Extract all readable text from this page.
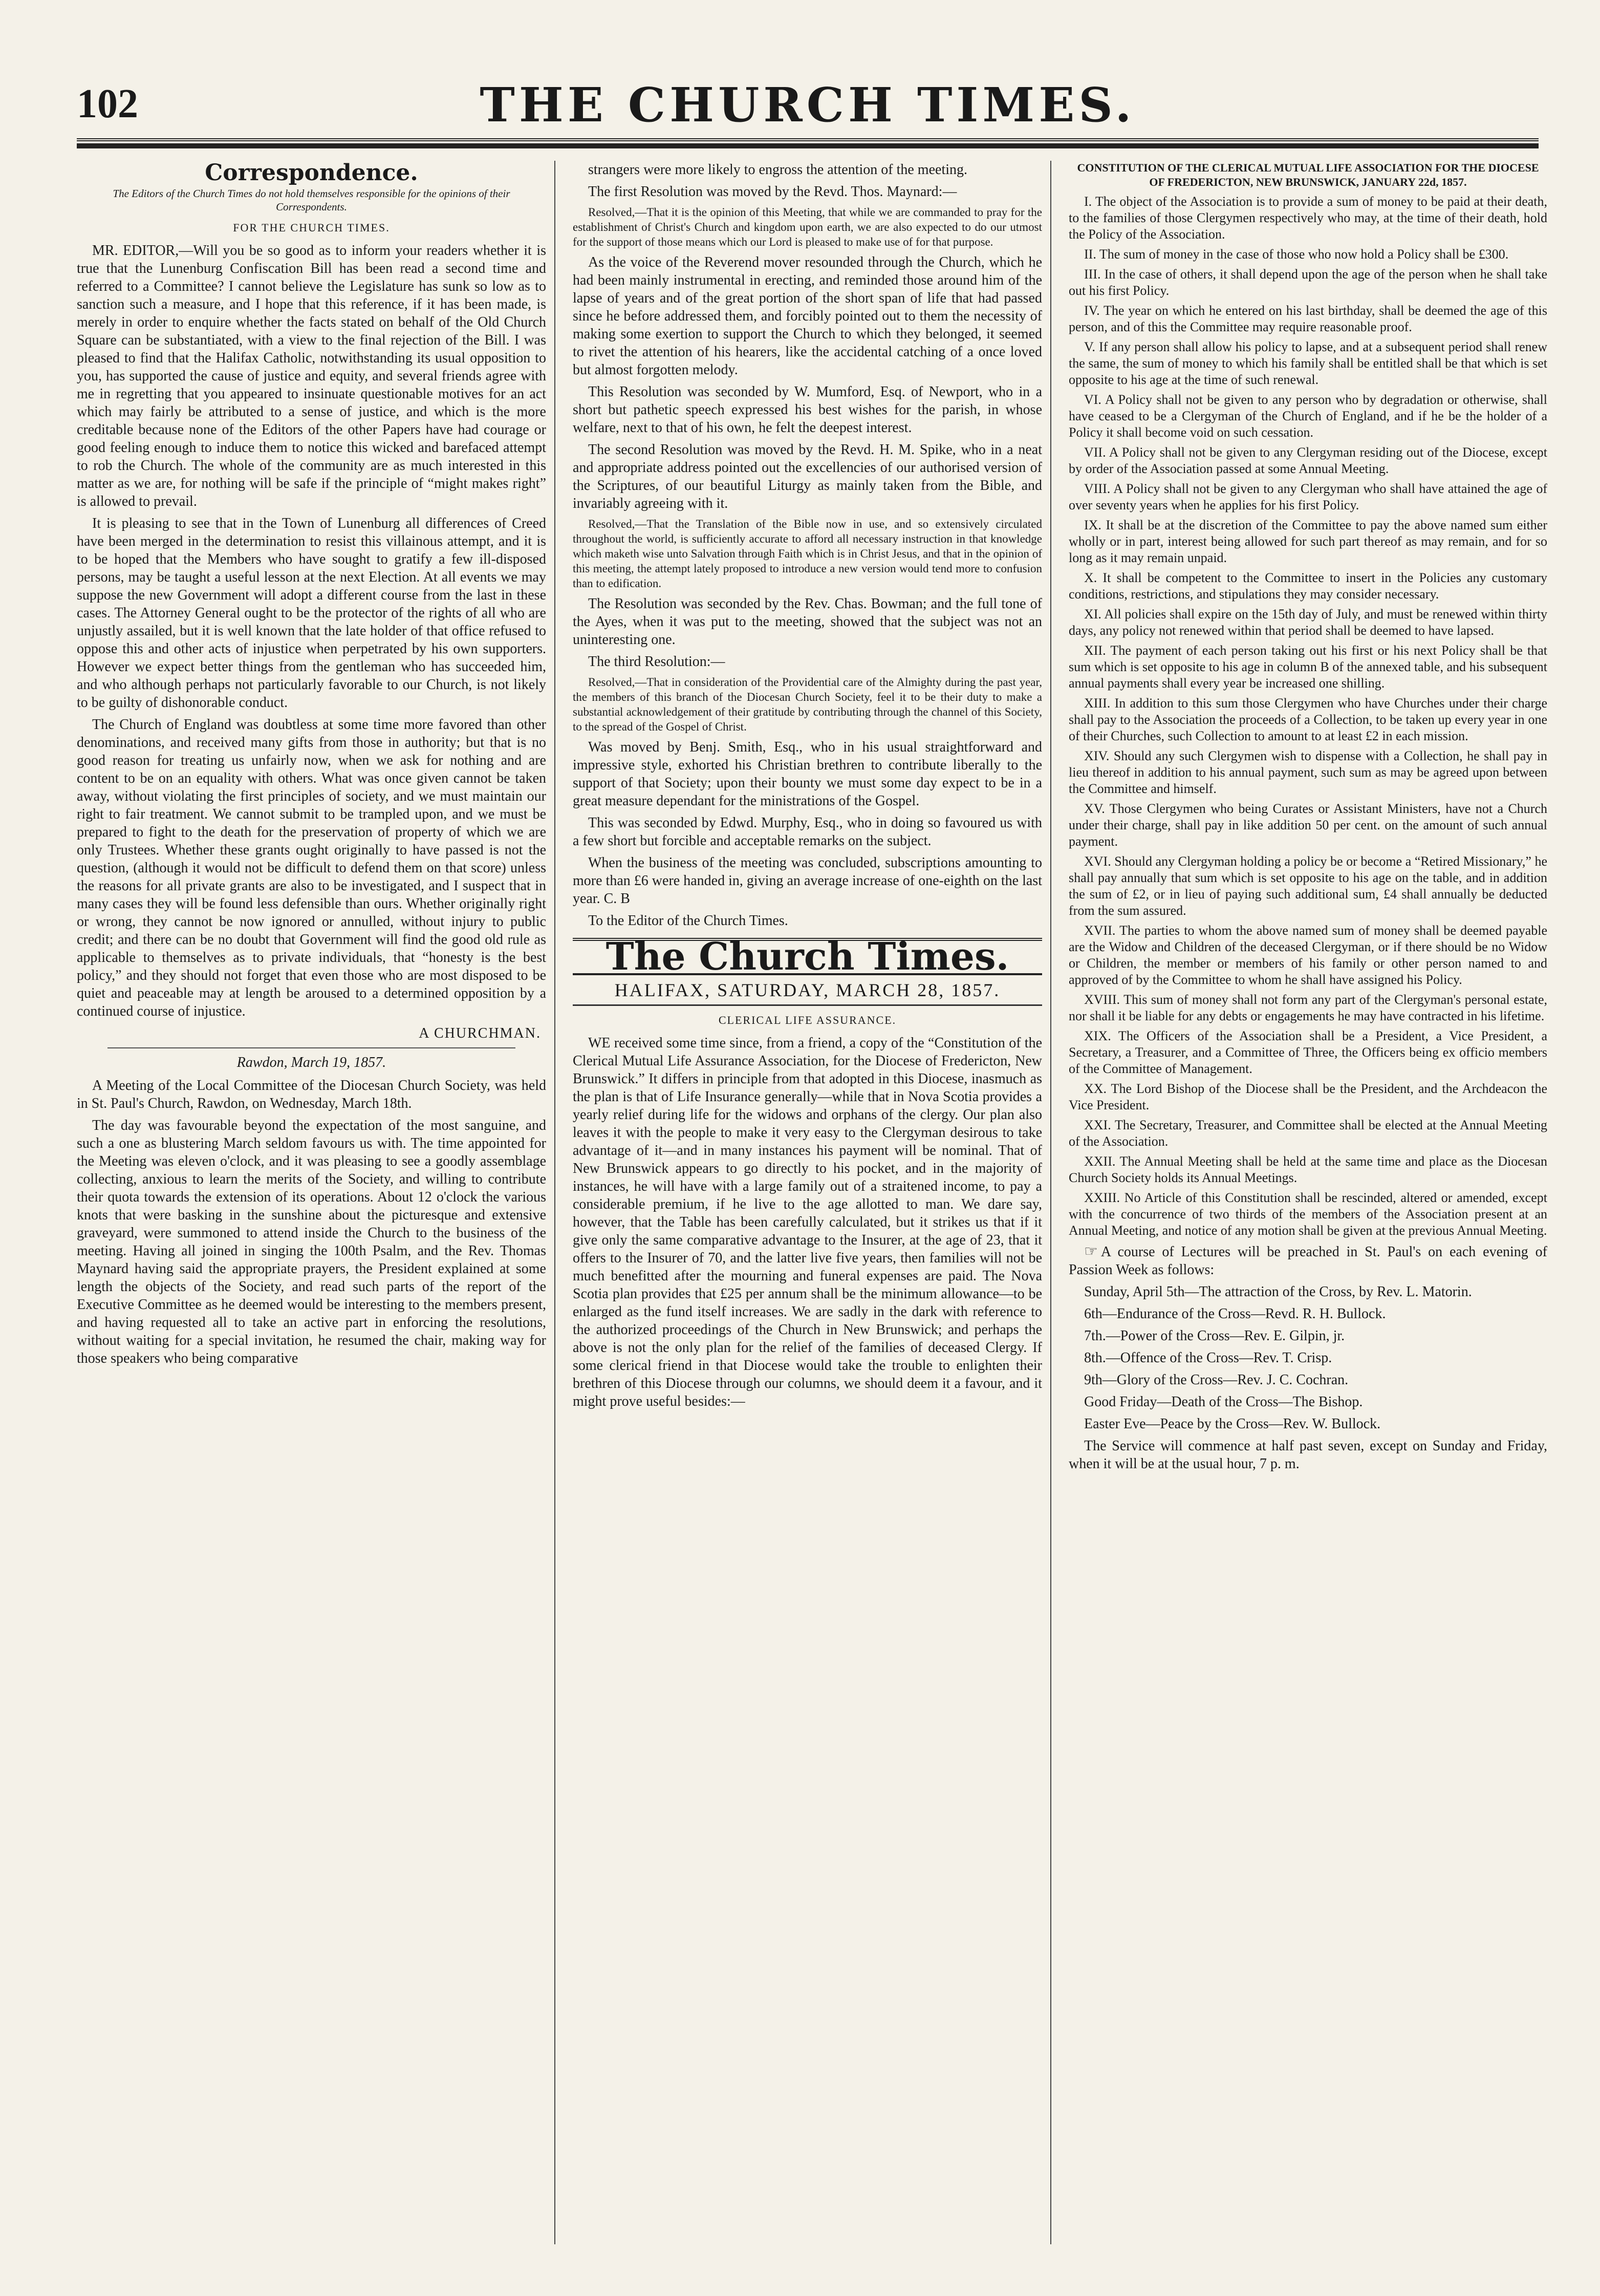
102	THE CHURCH TIMES.
Correspondence.
The Editors of the Church Times do not hold themselves responsible for the opinions of their Correspondents.
FOR THE CHURCH TIMES.

MR. EDITOR,—Will you be so good as to inform your readers whether it is true that the Lunenburg Confiscation Bill has been read a second time and referred to a Committee? I cannot believe the Legislature has sunk so low as to sanction such a measure, and I hope that this reference, if it has been made, is merely in order to enquire whether the facts stated on behalf of the Old Church Square can be substantiated, with a view to the final rejection of the Bill. I was pleased to find that the Halifax Catholic, notwithstanding its usual opposition to you, has supported the cause of justice and equity, and several friends agree with me in regretting that you appeared to insinuate questionable motives for an act which may fairly be attributed to a sense of justice, and which is the more creditable because none of the Editors of the other Papers have had courage or good feeling enough to induce them to notice this wicked and barefaced attempt to rob the Church. The whole of the community are as much interested in this matter as we are, for nothing will be safe if the principle of “might makes right” is allowed to prevail.

It is pleasing to see that in the Town of Lunenburg all differences of Creed have been merged in the determination to resist this villainous attempt, and it is to be hoped that the Members who have sought to gratify a few ill-disposed persons, may be taught a useful lesson at the next Election. At all events we may suppose the new Government will adopt a different course from the last in these cases. The Attorney General ought to be the protector of the rights of all who are unjustly assailed, but it is well known that the late holder of that office refused to oppose this and other acts of injustice when perpetrated by his own supporters. However we expect better things from the gentleman who has succeeded him, and who although perhaps not particularly favorable to our Church, is not likely to be guilty of dishonorable conduct.

The Church of England was doubtless at some time more favored than other denominations, and received many gifts from those in authority; but that is no good reason for treating us unfairly now, when we ask for nothing and are content to be on an equality with others. What was once given cannot be taken away, without violating the first principles of society, and we must maintain our right to fair treatment. We cannot submit to be trampled upon, and we must be prepared to fight to the death for the preservation of property of which we are only Trustees. Whether these grants ought originally to have passed is not the question, (although it would not be difficult to defend them on that score) unless the reasons for all private grants are also to be investigated, and I suspect that in many cases they will be found less defensible than ours. Whether originally right or wrong, they cannot be now ignored or annulled, without injury to public credit; and there can be no doubt that Government will find the good old rule as applicable to themselves as to private individuals, that “honesty is the best policy,” and they should not forget that even those who are most disposed to be quiet and peaceable may at length be aroused to a determined opposition by a continued course of injustice.

A CHURCHMAN.
Rawdon, March 19, 1857.

A Meeting of the Local Committee of the Diocesan Church Society, was held in St. Paul's Church, Rawdon, on Wednesday, March 18th.

The day was favourable beyond the expectation of the most sanguine, and such a one as blustering March seldom favours us with. The time appointed for the Meeting was eleven o'clock, and it was pleasing to see a goodly assemblage collecting, anxious to learn the merits of the Society, and willing to contribute their quota towards the extension of its operations. About 12 o'clock the various knots that were basking in the sunshine about the picturesque and extensive graveyard, were summoned to attend inside the Church to the business of the meeting. Having all joined in singing the 100th Psalm, and the Rev. Thomas Maynard having said the appropriate prayers, the President explained at some length the objects of the Society, and read such parts of the report of the Executive Committee as he deemed would be interesting to the members present, and having requested all to take an active part in enforcing the resolutions, without waiting for a special invitation, he resumed the chair, making way for those speakers who being comparative

strangers were more likely to engross the attention of the meeting.

The first Resolution was moved by the Revd. Thos. Maynard:—

Resolved,—That it is the opinion of this Meeting, that while we are commanded to pray for the establishment of Christ's Church and kingdom upon earth, we are also expected to do our utmost for the support of those means which our Lord is pleased to make use of for that purpose.

As the voice of the Reverend mover resounded through the Church, which he had been mainly instrumental in erecting, and reminded those around him of the lapse of years and of the great portion of the short span of life that had passed since he before addressed them, and forcibly pointed out to them the necessity of making some exertion to support the Church to which they belonged, it seemed to rivet the attention of his hearers, like the accidental catching of a once loved but almost forgotten melody.

This Resolution was seconded by W. Mumford, Esq. of Newport, who in a short but pathetic speech expressed his best wishes for the parish, in whose welfare, next to that of his own, he felt the deepest interest.

The second Resolution was moved by the Revd. H. M. Spike, who in a neat and appropriate address pointed out the excellencies of our authorised version of the Scriptures, of our beautiful Liturgy as mainly taken from the Bible, and invariably agreeing with it.

Resolved,—That the Translation of the Bible now in use, and so extensively circulated throughout the world, is sufficiently accurate to afford all necessary instruction in that knowledge which maketh wise unto Salvation through Faith which is in Christ Jesus, and that in the opinion of this meeting, the attempt lately proposed to introduce a new version would tend more to confusion than to edification.

The Resolution was seconded by the Rev. Chas. Bowman; and the full tone of the Ayes, when it was put to the meeting, showed that the subject was not an uninteresting one.

The third Resolution:—

Resolved,—That in consideration of the Providential care of the Almighty during the past year, the members of this branch of the Diocesan Church Society, feel it to be their duty to make a substantial acknowledgement of their gratitude by contributing through the channel of this Society, to the spread of the Gospel of Christ.

Was moved by Benj. Smith, Esq., who in his usual straightforward and impressive style, exhorted his Christian brethren to contribute liberally to the support of that Society; upon their bounty we must some day expect to be in a great measure dependant for the ministrations of the Gospel.

This was seconded by Edwd. Murphy, Esq., who in doing so favoured us with a few short but forcible and acceptable remarks on the subject.

When the business of the meeting was concluded, subscriptions amounting to more than £6 were handed in, giving an average increase of one-eighth on the last year. C. B

To the Editor of the Church Times.

The Church Times.
HALIFAX, SATURDAY, MARCH 28, 1857.
CLERICAL LIFE ASSURANCE.

WE received some time since, from a friend, a copy of the “Constitution of the Clerical Mutual Life Assurance Association, for the Diocese of Fredericton, New Brunswick.” It differs in principle from that adopted in this Diocese, inasmuch as the plan is that of Life Insurance generally—while that in Nova Scotia provides a yearly relief during life for the widows and orphans of the clergy. Our plan also leaves it with the people to make it very easy to the Clergyman desirous to take advantage of it—and in many instances his payment will be nominal. That of New Brunswick appears to go directly to his pocket, and in the majority of instances, he will have with a large family out of a straitened income, to pay a considerable premium, if he live to the age allotted to man. We dare say, however, that the Table has been carefully calculated, but it strikes us that if it give only the same comparative advantage to the Insurer, at the age of 23, that it offers to the Insurer of 70, and the latter live five years, then families will not be much benefitted after the mourning and funeral expenses are paid. The Nova Scotia plan provides that £25 per annum shall be the minimum allowance—to be enlarged as the fund itself increases. We are sadly in the dark with reference to the authorized proceedings of the Church in New Brunswick; and perhaps the above is not the only plan for the relief of the families of deceased Clergy. If some clerical friend in that Diocese would take the trouble to enlighten their brethren of this Diocese through our columns, we should deem it a favour, and it might prove useful besides:—

CONSTITUTION OF THE CLERICAL MUTUAL LIFE ASSOCIATION FOR THE DIOCESE OF FREDERICTON, NEW BRUNSWICK, JANUARY 22d, 1857.

I. The object of the Association is to provide a sum of money to be paid at their death, to the families of those Clergymen respectively who may, at the time of their death, hold the Policy of the Association.

II. The sum of money in the case of those who now hold a Policy shall be £300.

III. In the case of others, it shall depend upon the age of the person when he shall take out his first Policy.

IV. The year on which he entered on his last birthday, shall be deemed the age of this person, and of this the Committee may require reasonable proof.

V. If any person shall allow his policy to lapse, and at a subsequent period shall renew the same, the sum of money to which his family shall be entitled shall be that which is set opposite to his age at the time of such renewal.

VI. A Policy shall not be given to any person who by degradation or otherwise, shall have ceased to be a Clergyman of the Church of England, and if he be the holder of a Policy it shall become void on such cessation.

VII. A Policy shall not be given to any Clergyman residing out of the Diocese, except by order of the Association passed at some Annual Meeting.

VIII. A Policy shall not be given to any Clergyman who shall have attained the age of over seventy years when he applies for his first Policy.

IX. It shall be at the discretion of the Committee to pay the above named sum either wholly or in part, interest being allowed for such part thereof as may remain, and for so long as it may remain unpaid.

X. It shall be competent to the Committee to insert in the Policies any customary conditions, restrictions, and stipulations they may consider necessary.

XI. All policies shall expire on the 15th day of July, and must be renewed within thirty days, any policy not renewed within that period shall be deemed to have lapsed.

XII. The payment of each person taking out his first or his next Policy shall be that sum which is set opposite to his age in column B of the annexed table, and his subsequent annual payments shall every year be increased one shilling.

XIII. In addition to this sum those Clergymen who have Churches under their charge shall pay to the Association the proceeds of a Collection, to be taken up every year in one of their Churches, such Collection to amount to at least £2 in each mission.

XIV. Should any such Clergymen wish to dispense with a Collection, he shall pay in lieu thereof in addition to his annual payment, such sum as may be agreed upon between the Committee and himself.

XV. Those Clergymen who being Curates or Assistant Ministers, have not a Church under their charge, shall pay in like addition 50 per cent. on the amount of such annual payment.

XVI. Should any Clergyman holding a policy be or become a “Retired Missionary,” he shall pay annually that sum which is set opposite to his age on the table, and in addition the sum of £2, or in lieu of paying such additional sum, £4 shall annually be deducted from the sum assured.

XVII. The parties to whom the above named sum of money shall be deemed payable are the Widow and Children of the deceased Clergyman, or if there should be no Widow or Children, the member or members of his family or other person named to and approved of by the Committee to whom he shall have assigned his Policy.

XVIII. This sum of money shall not form any part of the Clergyman's personal estate, nor shall it be liable for any debts or engagements he may have contracted in his lifetime.

XIX. The Officers of the Association shall be a President, a Vice President, a Secretary, a Treasurer, and a Committee of Three, the Officers being ex officio members of the Committee of Management.

XX. The Lord Bishop of the Diocese shall be the President, and the Archdeacon the Vice President.

XXI. The Secretary, Treasurer, and Committee shall be elected at the Annual Meeting of the Association.

XXII. The Annual Meeting shall be held at the same time and place as the Diocesan Church Society holds its Annual Meetings.

XXIII. No Article of this Constitution shall be rescinded, altered or amended, except with the concurrence of two thirds of the members of the Association present at an Annual Meeting, and notice of any motion shall be given at the previous Annual Meeting.

☞ A course of Lectures will be preached in St. Paul's on each evening of Passion Week as follows:

Sunday, April 5th—The attraction of the Cross, by Rev. L. Matorin.

6th—Endurance of the Cross—Revd. R. H. Bullock.

7th.—Power of the Cross—Rev. E. Gilpin, jr.

8th.—Offence of the Cross—Rev. T. Crisp.

9th—Glory of the Cross—Rev. J. C. Cochran.

Good Friday—Death of the Cross—The Bishop.

Easter Eve—Peace by the Cross—Rev. W. Bullock.

The Service will commence at half past seven, except on Sunday and Friday, when it will be at the usual hour, 7 p. m.
